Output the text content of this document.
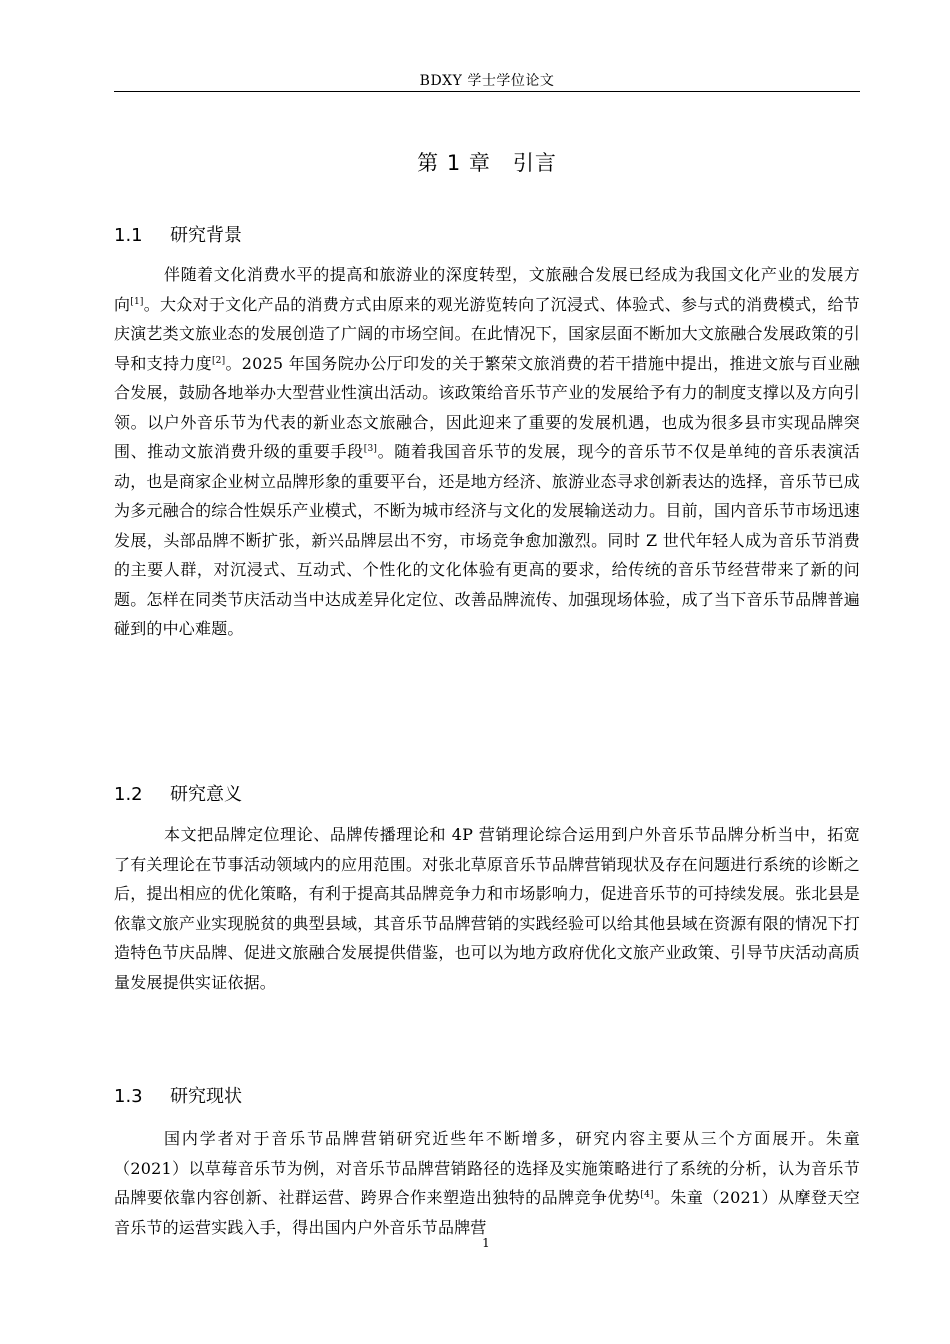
BDXY 学士学位论文
第 1 章　引言
1.1 研究背景

伴随着文化消费水平的提高和旅游业的深度转型，文旅融合发展已经成为我国文化产业的发展方向[1]。大众对于文化产品的消费方式由原来的观光游览转向了沉浸式、体验式、参与式的消费模式，给节庆演艺类文旅业态的发展创造了广阔的市场空间。在此情况下，国家层面不断加大文旅融合发展政策的引导和支持力度[2]。2025 年国务院办公厅印发的关于繁荣文旅消费的若干措施中提出，推进文旅与百业融合发展，鼓励各地举办大型营业性演出活动。该政策给音乐节产业的发展给予有力的制度支撑以及方向引领。以户外音乐节为代表的新业态文旅融合，因此迎来了重要的发展机遇，也成为很多县市实现品牌突围、推动文旅消费升级的重要手段[3]。随着我国音乐节的发展，现今的音乐节不仅是单纯的音乐表演活动，也是商家企业树立品牌形象的重要平台，还是地方经济、旅游业态寻求创新表达的选择，音乐节已成为多元融合的综合性娱乐产业模式，不断为城市经济与文化的发展输送动力。目前，国内音乐节市场迅速发展，头部品牌不断扩张，新兴品牌层出不穷，市场竞争愈加激烈。同时 Z 世代年轻人成为音乐节消费的主要人群，对沉浸式、互动式、个性化的文化体验有更高的要求，给传统的音乐节经营带来了新的问题。怎样在同类节庆活动当中达成差异化定位、改善品牌流传、加强现场体验，成了当下音乐节品牌普遍碰到的中心难题。

1.2 研究意义

本文把品牌定位理论、品牌传播理论和 4P 营销理论综合运用到户外音乐节品牌分析当中，拓宽了有关理论在节事活动领域内的应用范围。对张北草原音乐节品牌营销现状及存在问题进行系统的诊断之后，提出相应的优化策略，有利于提高其品牌竞争力和市场影响力，促进音乐节的可持续发展。张北县是依靠文旅产业实现脱贫的典型县域，其音乐节品牌营销的实践经验可以给其他县域在资源有限的情况下打造特色节庆品牌、促进文旅融合发展提供借鉴，也可以为地方政府优化文旅产业政策、引导节庆活动高质量发展提供实证依据。

1.3 研究现状

国内学者对于音乐节品牌营销研究近些年不断增多，研究内容主要从三个方面展开。朱童（2021）以草莓音乐节为例，对音乐节品牌营销路径的选择及实施策略进行了系统的分析，认为音乐节品牌要依靠内容创新、社群运营、跨界合作来塑造出独特的品牌竞争优势[4]。朱童（2021）从摩登天空音乐节的运营实践入手，得出国内户外音乐节品牌营

1
